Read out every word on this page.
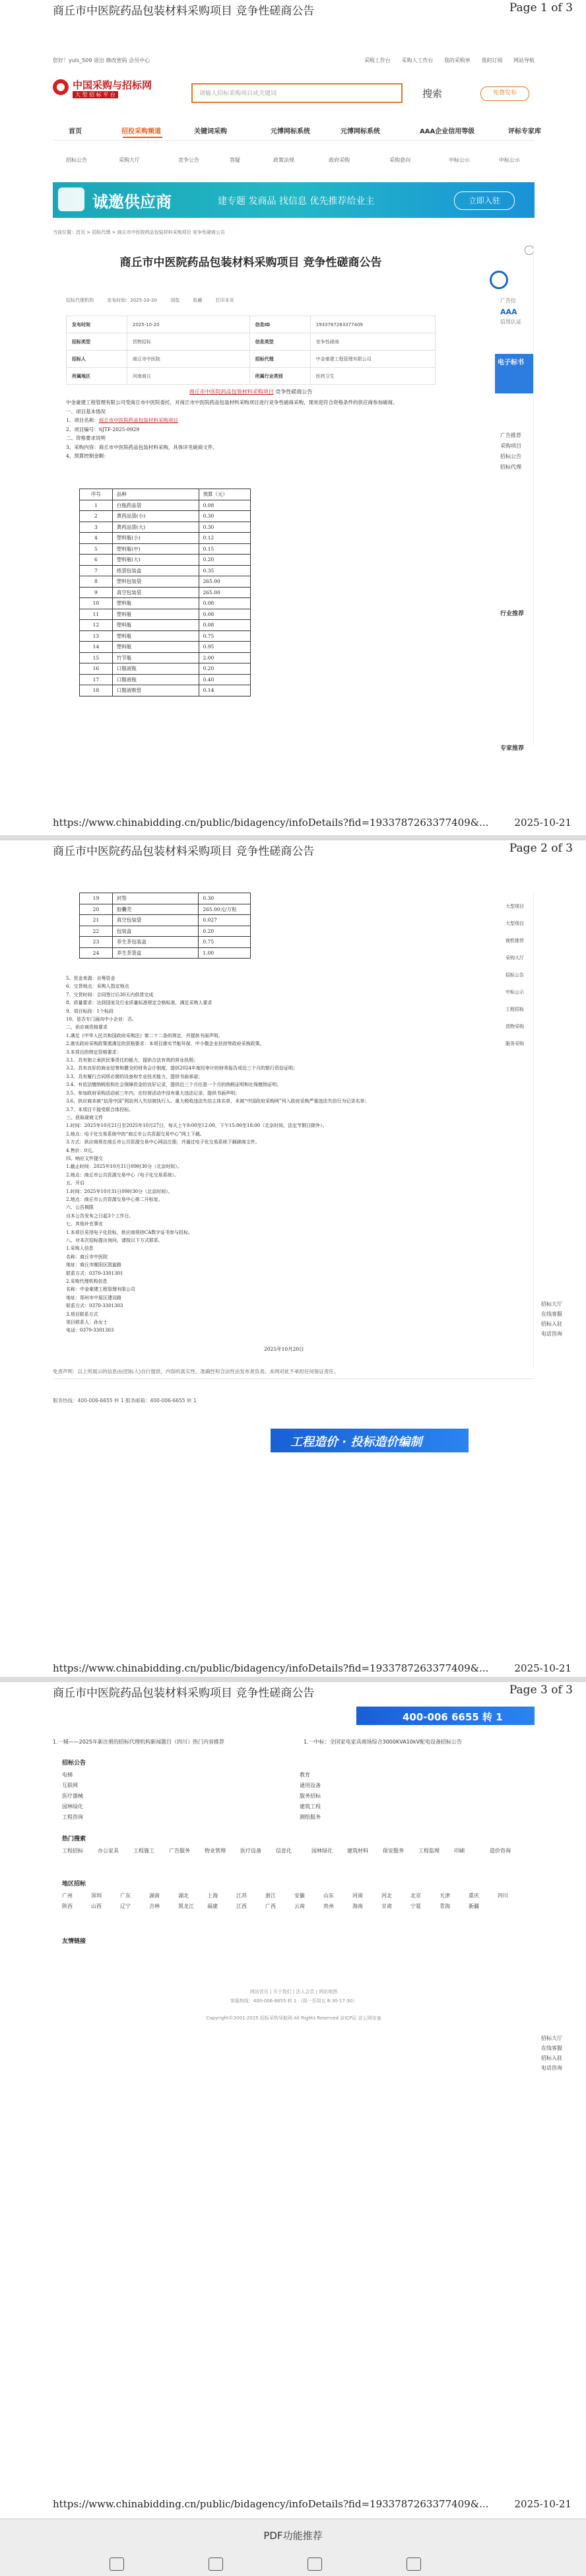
商丘市中医院药品包装材料采购项目 竞争性磋商公告	Page 1 of 3
您好！yuls_509 退出 修改密码 会员中心	采购工作台 采购人工作台 我的采购单 我的订阅 网站导航
中国采购与招标网
大 型 招 标 平 台	请输入招标采购项目或关键词	搜索	免费发布
首页	招投采购频道	关键词采购	元博网标系统	元博网标系统	AAA企业信用等级	评标专家库
招标公告	采购大厅	竞争公告	答疑	政策法规	政府采购	采购意向	中标公示	中标公示
诚邀供应商	建专题 发商品 找信息 优先推荐给业主	立即入驻
当前位置：首页 > 招标代理 > 商丘市中医院药品包装材料采购项目 竞争性磋商公告
商丘市中医院药品包装材料采购项目 竞争性磋商公告
招标代理机构	发布时间：2025-10-20	浏览	收藏	打印本页
发布时间	2025-10-20	信息ID	1933787263377409
招标类型	货物招标	信息类型	竞争性磋商
招标人	商丘市中医院	招标代理	中金豪建工程管理有限公司
所属地区	河南商丘	所属行业类别	医药卫生
商丘市中医院药品包装材料采购项目 竞争性磋商公告

中金豪建工程管理有限公司受商丘市中医院委托，对商丘市中医院药品包装材料采购项目进行竞争性磋商采购，现欢迎符合资格条件的供应商参加磋商。

一、项目基本情况

1、项目名称：商丘市中医院药品包装材料采购项目

2、项目编号：SJTF-2025-0929

二、资格要求说明

3、采购内容：商丘市中医院药品包装材料采购，具体详见磋商文件。

4、预算控制金额：

序号	品种	预算（元）
1	白瓶药品袋	0.08
2	黄药品袋(小)	0.30
3	黄药品袋(大)	0.30
4	塑料瓶(小)	0.12
5	塑料瓶(中)	0.15
6	塑料瓶(大)	0.20
7	纸袋包装盒	0.35
8	塑料包装袋	265.00
9	真空包装袋	265.00
10	塑料瓶	0.08
11	塑料瓶	0.08
12	塑料瓶	0.08
13	塑料瓶	0.75
14	塑料瓶	0.95
15	竹节瓶	2.00
16	口服液瓶	0.20
17	口服液瓶	0.40
18	口服液吸管	0.14
广告位
AAA
信用认证
电子标书
广告推荐
采购项目
招标公告
招标代理
行业推荐
专家推荐
https://www.chinabidding.cn/public/bidagency/infoDetails?fid=1933787263377409&...	2025-10-21
商丘市中医院药品包装材料采购项目 竞争性磋商公告	Page 2 of 3
19	封签	0.30
20	胶囊壳	265.00元/万粒
21	真空包装袋	0.027
22	包装盒	0.20
23	养生茶包装盒	0.75
24	养生茶袋盒	1.00

5、资金来源：自筹资金

6、交货地点：采购人指定地点

7、交货时间：合同签订后30天内供货完成

8、质量要求：达到国家及行业质量标准规定合格标准，满足采购人要求

9、项目标段：1个标段

10、是否专门面向中小企业：否。

二、供应商资格要求

1.满足《中华人民共和国政府采购法》第二十二条的规定，并提供书面声明。

2.落实政府采购政策需满足的资格要求：本项目落实节能环保、中小微企业扶持等政府采购政策。

3.本项目的特定资格要求：

3.1、具有独立承担民事责任的能力，提供合法有效的营业执照；

3.2、具有良好的商业信誉和健全的财务会计制度，提供2024年度经审计的财务报告或近三个月的银行资信证明；

3.3、具有履行合同所必需的设备和专业技术能力，提供书面承诺；

3.4、有依法缴纳税收和社会保障资金的良好记录，提供近三个月任意一个月的纳税证明和社保缴纳证明；

3.5、参加政府采购活动前三年内，在经营活动中没有重大违法记录，提供书面声明；

3.6、供应商未被“信用中国”网站列入失信被执行人、重大税收违法失信主体名单，未被“中国政府采购网”列入政府采购严重违法失信行为记录名单；

3.7、本项目不接受联合体投标。

三、获取磋商文件

1.时间：2025年10月21日至2025年10月27日，每天上午9:00至12:00，下午15:00至18:00（北京时间，法定节假日除外）。

2.地点：电子化交易系统中的“商丘市公共资源交易中心”网上下载。

3.方式：供应商须在商丘市公共资源交易中心网站注册，并通过电子化交易系统下载磋商文件。

4.售价：0元。

四、响应文件提交

1.截止时间：2025年10月31日09时30分（北京时间）。

2.地点：商丘市公共资源交易中心（电子化交易系统）。

五、开启

1.时间：2025年10月31日09时30分（北京时间）。

2.地点：商丘市公共资源交易中心第二开标室。

六、公告期限

自本公告发布之日起3个工作日。

七、其他补充事宜

1.本项目采用电子化投标，供应商须持CA数字证书参与投标。

八、对本次招标提出询问，请按以下方式联系。

1.采购人信息

名称：商丘市中医院

地址：商丘市睢阳区凯旋路

联系方式：0370-3301301

2.采购代理机构信息

名称：中金豪建工程管理有限公司

地址：郑州市中原区建设路

联系方式：0370-3301303

3.项目联系方式

项目联系人：孙女士

电话：0370-3301303

2025年10月20日
免责声明：以上所展示的信息由(招标人)自行提供，内容的真实性、准确性和合法性由发布者负责。本网对此不承担任何保证责任。
服务热线：400-006-6655 转 1 服务邮箱：400-006-6655 转 1
工程造价 · 投标造价编制
大型项目
大型项目
商机推荐
采购大厅
招标公告
中标公示
工程招标
货物采购
服务采购
招标大厅
在线客服
招标入驻
电话咨询
https://www.chinabidding.cn/public/bidagency/infoDetails?fid=1933787263377409&...	2025-10-21
商丘市中医院药品包装材料采购项目 竞争性磋商公告	Page 3 of 3
400-006 6655 转 1
1.一城——2025年新注册的招标代理机构新闻题目（四川）热门内容推荐	1.一中标：全国家电家具商场综合3000KVA10kV配电设备招标公告
招标公告
电梯	教育
互联网	通用设备
医疗器械	服务招标
园林绿化	建筑工程
工程咨询	测绘服务
热门搜索
工程招标	办公家具	工程施工	广告服务	物业管理	医疗设备	信息化	园林绿化	建筑材料	保安服务	工程监理	印刷	造价咨询
地区招标
广州	深圳	广东	湖南	湖北	上海	江苏	浙江	安徽	山东	河南	河北	北京	天津	重庆	四川
陕西	山西	辽宁	吉林	黑龙江	福建	江西	广西	云南	贵州	海南	甘肃	宁夏	青海	新疆
友情链接
网站首页 | 关于我们 | 法人会员 | 网站地图
客服热线：400-006-6655 转 1 （周一至周五 8:30-17:30）
Copyright©2001-2025 招标采购导航网 All Rights Reserved 京ICP证 京公网安备
招标大厅
在线客服
招标入驻
电话咨询
https://www.chinabidding.cn/public/bidagency/infoDetails?fid=1933787263377409&...	2025-10-21
PDF功能推荐
